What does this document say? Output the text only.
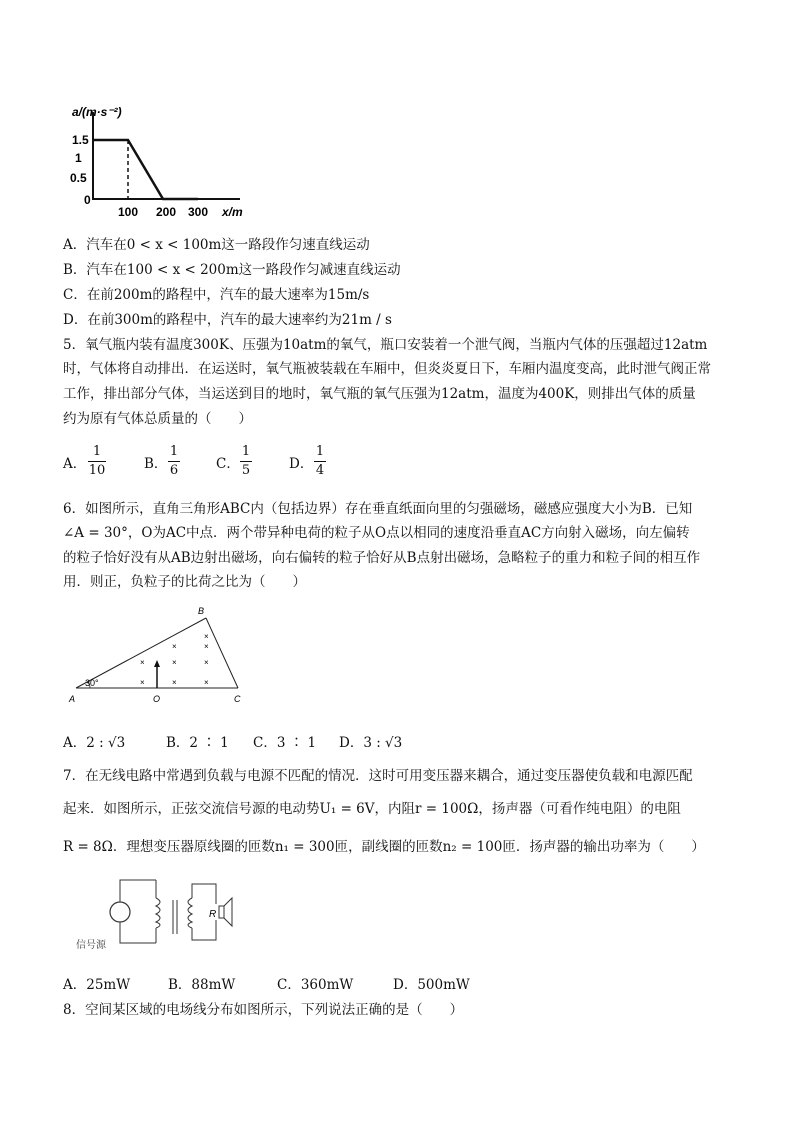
a/(m·s⁻²)
1.5
1
0.5
0
100 200 300 x/m
A．汽车在0 < x < 100m这一路段作匀速直线运动
B．汽车在100 < x < 200m这一路段作匀减速直线运动
C．在前200m的路程中，汽车的最大速率为15m/s
D．在前300m的路程中，汽车的最大速率约为21m / s
5．氧气瓶内装有温度300K、压强为10atm的氧气，瓶口安装着一个泄气阀，当瓶内气体的压强超过12atm
时，气体将自动排出．在运送时，氧气瓶被装载在车厢中，但炎炎夏日下，车厢内温度变高，此时泄气阀正常
工作，排出部分气体，当运送到目的地时，氧气瓶的氧气压强为12atm，温度为400K，则排出气体的质量
约为原有气体总质量的（　　）
A．
1
10	B．
1
6	C．
1
5	D．
1
4
6．如图所示，直角三角形ABC内（包括边界）存在垂直纸面向里的匀强磁场，磁感应强度大小为B．已知
∠A = 30°，O为AC中点．两个带异种电荷的粒子从O点以相同的速度沿垂直AC方向射入磁场，向左偏转
的粒子恰好没有从AB边射出磁场，向右偏转的粒子恰好从B点射出磁场，急略粒子的重力和粒子间的相互作
用．则正，负粒子的比荷之比为（　　）
30°
B
A	O	C
×
×	×
×	×	×
×	×	×
A．2 : √3	B．2 ∶ 1 C．3 ∶ 1 D．3 : √3
7．在无线电路中常遇到负载与电源不匹配的情况．这时可用变压器来耦合，通过变压器使负载和电源匹配
起来．如图所示，正弦交流信号源的电动势U₁ = 6V，内阻r = 100Ω，扬声器（可看作纯电阻）的电阻
R = 8Ω．理想变压器原线圈的匝数n₁ = 300匝，副线圈的匝数n₂ = 100匝．扬声器的输出功率为（　　）
信号源
R
A．25mW	B．88mW	C．360mW	D．500mW
8．空间某区域的电场线分布如图所示，下列说法正确的是（　　）
